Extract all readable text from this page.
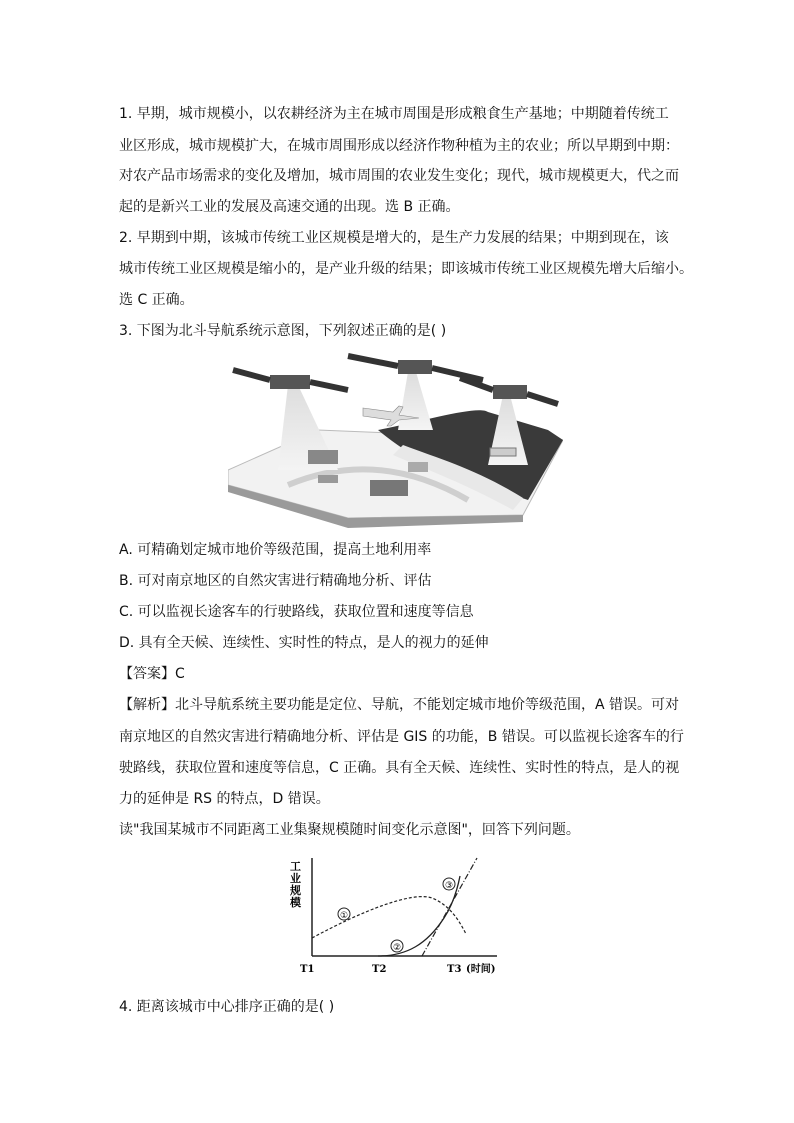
1. 早期，城市规模小，以农耕经济为主在城市周围是形成粮食生产基地；中期随着传统工
业区形成，城市规模扩大，在城市周围形成以经济作物种植为主的农业；所以早期到中期：
对农产品市场需求的变化及增加，城市周围的农业发生变化；现代，城市规模更大，代之而
起的是新兴工业的发展及高速交通的出现。选 B 正确。
2. 早期到中期，该城市传统工业区规模是增大的，是生产力发展的结果；中期到现在，该
城市传统工业区规模是缩小的，是产业升级的结果；即该城市传统工业区规模先增大后缩小。
选 C 正确。
3. 下图为北斗导航系统示意图，下列叙述正确的是( )
A. 可精确划定城市地价等级范围，提高土地利用率
B. 可对南京地区的自然灾害进行精确地分析、评估
C. 可以监视长途客车的行驶路线，获取位置和速度等信息
D. 具有全天候、连续性、实时性的特点，是人的视力的延伸
【答案】C
【解析】北斗导航系统主要功能是定位、导航，不能划定城市地价等级范围，A 错误。可对
南京地区的自然灾害进行精确地分析、评估是 GIS 的功能，B 错误。可以监视长途客车的行
驶路线，获取位置和速度等信息，C 正确。具有全天候、连续性、实时性的特点，是人的视
力的延伸是 RS 的特点，D 错误。
读"我国某城市不同距离工业集聚规模随时间变化示意图"，回答下列问题。
工业规模
①
②
③
T1	T2	T3 (时间)
4. 距离该城市中心排序正确的是( )
